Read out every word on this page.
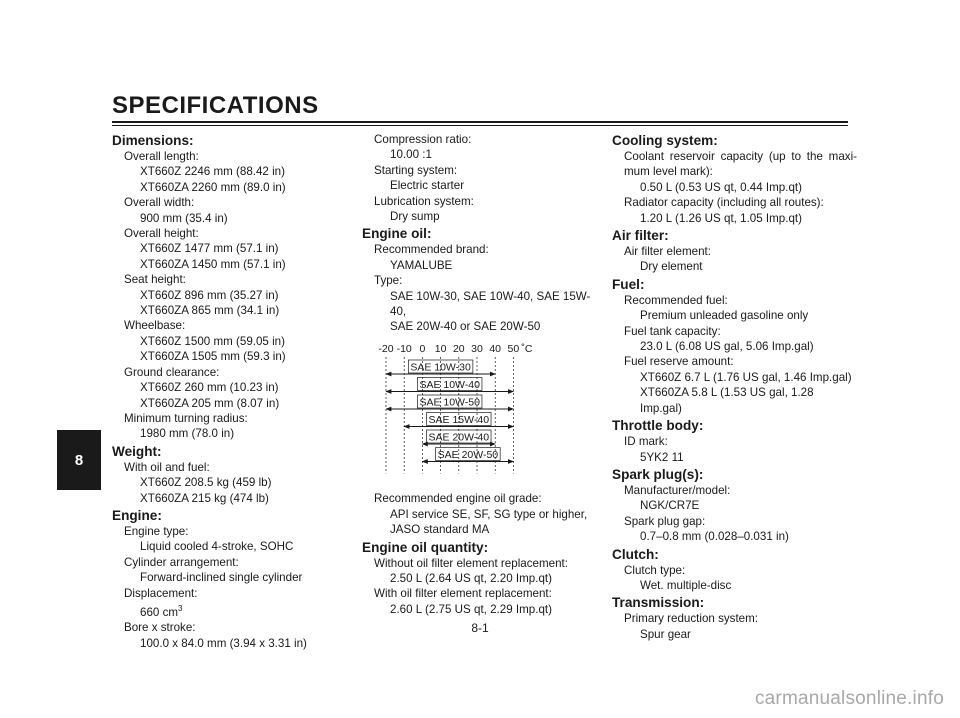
SPECIFICATIONS
8
Dimensions:
Overall length:
XT660Z 2246 mm (88.42 in)
XT660ZA 2260 mm (89.0 in)
Overall width:
900 mm (35.4 in)
Overall height:
XT660Z 1477 mm (57.1 in)
XT660ZA 1450 mm (57.1 in)
Seat height:
XT660Z 896 mm (35.27 in)
XT660ZA 865 mm (34.1 in)
Wheelbase:
XT660Z 1500 mm (59.05 in)
XT660ZA 1505 mm (59.3 in)
Ground clearance:
XT660Z 260 mm (10.23 in)
XT660ZA 205 mm (8.07 in)
Minimum turning radius:
1980 mm (78.0 in)
Weight:
With oil and fuel:
XT660Z 208.5 kg (459 lb)
XT660ZA 215 kg (474 lb)
Engine:
Engine type:
Liquid cooled 4-stroke, SOHC
Cylinder arrangement:
Forward-inclined single cylinder
Displacement:
660 $cm^3$
Bore x stroke:
100.0 x 84.0 mm (3.94 x 3.31 in)
Compression ratio:
10.00 :1
Starting system:
Electric starter
Lubrication system:
Dry sump
Engine oil:
Recommended brand:
YAMALUBE
Type:
SAE 10W-30, SAE 10W-40, SAE 15W-40,
SAE 20W-40 or SAE 20W-50
-20 -10 0 10 20 30 40 50 ˚C
SAE 10W-30
SAE 10W-40
SAE 10W-50
SAE 15W-40
SAE 20W-40
SAE 20W-50
Recommended engine oil grade:
API service SE, SF, SG type or higher,
JASO standard MA
Engine oil quantity:
Without oil filter element replacement:
2.50 L (2.64 US qt, 2.20 Imp.qt)
With oil filter element replacement:
2.60 L (2.75 US qt, 2.29 Imp.qt)
Cooling system:
Coolant reservoir capacity (up to the maxi-mum level mark):
0.50 L (0.53 US qt, 0.44 Imp.qt)
Radiator capacity (including all routes):
1.20 L (1.26 US qt, 1.05 Imp.qt)
Air filter:
Air filter element:
Dry element
Fuel:
Recommended fuel:
Premium unleaded gasoline only
Fuel tank capacity:
23.0 L (6.08 US gal, 5.06 Imp.gal)
Fuel reserve amount:
XT660Z 6.7 L (1.76 US gal, 1.46 Imp.gal)
XT660ZA 5.8 L (1.53 US gal, 1.28 Imp.gal)
Throttle body:
ID mark:
5YK2 11
Spark plug(s):
Manufacturer/model:
NGK/CR7E
Spark plug gap:
0.7–0.8 mm (0.028–0.031 in)
Clutch:
Clutch type:
Wet. multiple-disc
Transmission:
Primary reduction system:
Spur gear
8-1
carmanualsonline.info
